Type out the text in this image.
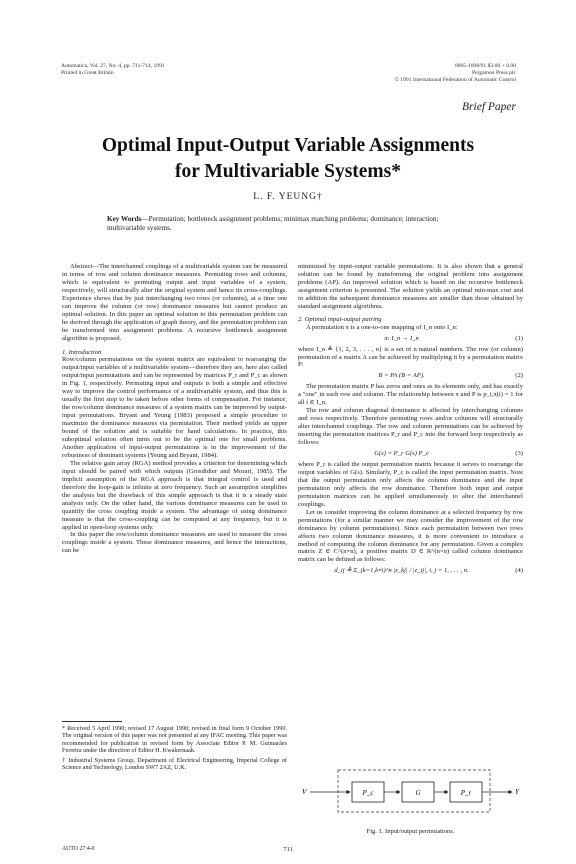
Automatica, Vol. 27, No. 4, pp. 711-714, 1991
Printed in Great Britain
0005-1098/91 $3.00 + 0.00
Pergamon Press plc
© 1991 International Federation of Automatic Control
Brief Paper
Optimal Input-Output Variable Assignments
for Multivariable Systems*
L. F. YEUNG†
Key Words—Permutation; bottleneck assignment problems; minimax matching problems; dominance; interaction; multivariable systems.

Abstract—The interchannel couplings of a multivariable system can be measured in terms of row and column dominance measures. Permuting rows and columns, which is equivalent to permuting output and input variables of a system, respectively, will structurally alter the original system and hence its cross-couplings. Experience shows that by just interchanging two rows (or columns), at a time one can improve the column (or row) dominance measures but cannot produce an optimal solution. In this paper an optimal solution to this permutation problem can be derived through the application of graph theory, and the permutation problem can be transformed into assignment problems. A recursive bottleneck assignment algorithm is proposed.

1. Introduction

Row/column permutations on the system matrix are equivalent to rearranging the output/input variables of a multivariable system—therefore they are, here also called output/input permutations and can be represented by matrices P_r and P_c as shown in Fig. 1, respectively. Permuting input and outputs is both a simple and effective way to improve the control performance of a multivariable system, and thus this is usually the first step to be taken before other forms of compensation. For instance, the row/column dominance measures of a system matrix can be improved by output-input permutations. Bryant and Yeung (1983) proposed a simple procedure to maximize the dominance measures via permutation. Their method yields an upper bound of the solution and is suitable for hand calculations. In practice, this suboptimal solution often turns out to be the optimal one for small problems. Another application of input-output permutations is in the improvement of the robustness of dominant systems (Yeung and Bryant, 1984).

The relative gain array (RGA) method provides a criterion for determining which input should be paired with which outputs (Grosdidier and Morari, 1985). The implicit assumption of the RGA approach is that integral control is used and therefore the loop-gain is infinite at zero frequency. Such an assumption simplifies the analysis but the drawback of this simple approach is that it is a steady state analysis only. On the other hand, the various dominance measures can be used to quantify the cross coupling inside a system. The advantage of using dominance measure is that the cross-coupling can be computed at any frequency, but it is applied in open-loop systems only.

In this paper the row/column dominance measures are used to measure the cross couplings inside a system. These dominance measures, and hence the interactions, can be

* Received 5 April 1990; revised 17 August 1990; revised in final form 9 October 1990. The original version of this paper was not presented at any IFAC meeting. This paper was recommended for publication in revised form by Associate Editor P. M. Guimarães Ferreira under the direction of Editor H. Kwakernaak.

† Industrial Systems Group, Department of Electrical Engineering, Imperial College of Science and Technology, London SW7 2AZ, U.K.

minimized by input-output variable permutations. It is also shown that a general solution can be found by transforming the original problem into assignment problems (AP). An improved solution which is based on the recursive bottleneck assignment criterion is presented. The solution yields an optimal min-max cost and in addition the subsequent dominance measures are smaller than those obtained by standard assignment algorithms.

2. Optimal input-output pairing

A permutation π is a one-to-one mapping of I_n onto I_n:

π: I_n → I_n	(1)

where I_n ≜ {1, 2, 3, . . . , n} is a set of n natural numbers. The row (or column) permutation of a matrix A can be achieved by multiplying it by a permutation matrix P:

B = PA (B = AP).	(2)

The permutation matrix P has zeros and ones as its elements only, and has exactly a "one" in each row and column. The relationship between π and P is p_i,π(i) = 1 for all i ∈ I_n.

The row and column diagonal dominance is affected by interchanging columns and rows respectively. Therefore permuting rows and/or columns will structurally alter interchannel couplings. The row and column permutations can be achieved by inserting the permutation matrices P_r and P_c into the forward loop respectively as follows:

G(s) = P_r G(s) P_c	(3)

where P_r is called the output permutation matrix because it serves to rearrange the output variables of G(s). Similarly, P_c is called the input permutation matrix. Note that the output permutation only affects the column dominance and the input permutation only affects the row dominance. Therefore both input and output permutation matrices can be applied simultaneously to alter the interchannel couplings.

Let us consider improving the column dominance at a selected frequency by row permutations (for a similar manner we may consider the improvement of the row dominance by column permutations). Since each permutation between two rows affects two column dominance measures, it is more convenient to introduce a method of computing the column dominance for any permutation. Given a complex matrix Z ∈ C^(n×n), a positive matrix D ∈ R^(n×n) called column dominance matrix can be defined as follows:

d_ij ≜ Σ_(k=1,k≠i)^n |z_kj| / |z_ij|, i, j = 1, . . . , n.	(4)
V	P_c	G	P_r	Y
Fig. 1. Input/output permutations.
AUTO 27:4-0	711
